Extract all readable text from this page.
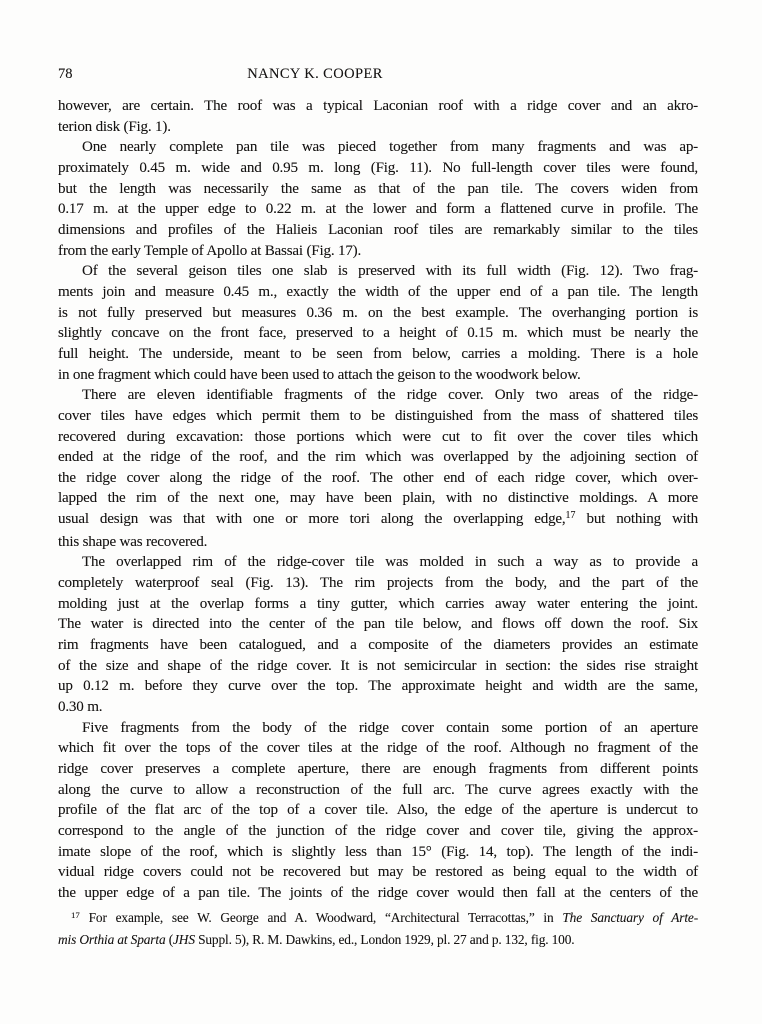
78	NANCY K. COOPER
however, are certain. The roof was a typical Laconian roof with a ridge cover and an akro-
terion disk (Fig. 1).
One nearly complete pan tile was pieced together from many fragments and was ap-
proximately 0.45 m. wide and 0.95 m. long (Fig. 11). No full-length cover tiles were found,
but the length was necessarily the same as that of the pan tile. The covers widen from
0.17 m. at the upper edge to 0.22 m. at the lower and form a flattened curve in profile. The
dimensions and profiles of the Halieis Laconian roof tiles are remarkably similar to the tiles
from the early Temple of Apollo at Bassai (Fig. 17).
Of the several geison tiles one slab is preserved with its full width (Fig. 12). Two frag-
ments join and measure 0.45 m., exactly the width of the upper end of a pan tile. The length
is not fully preserved but measures 0.36 m. on the best example. The overhanging portion is
slightly concave on the front face, preserved to a height of 0.15 m. which must be nearly the
full height. The underside, meant to be seen from below, carries a molding. There is a hole
in one fragment which could have been used to attach the geison to the woodwork below.
There are eleven identifiable fragments of the ridge cover. Only two areas of the ridge-
cover tiles have edges which permit them to be distinguished from the mass of shattered tiles
recovered during excavation: those portions which were cut to fit over the cover tiles which
ended at the ridge of the roof, and the rim which was overlapped by the adjoining section of
the ridge cover along the ridge of the roof. The other end of each ridge cover, which over-
lapped the rim of the next one, may have been plain, with no distinctive moldings. A more
usual design was that with one or more tori along the overlapping edge,$^{17}$ but nothing with
this shape was recovered.
The overlapped rim of the ridge-cover tile was molded in such a way as to provide a
completely waterproof seal (Fig. 13). The rim projects from the body, and the part of the
molding just at the overlap forms a tiny gutter, which carries away water entering the joint.
The water is directed into the center of the pan tile below, and flows off down the roof. Six
rim fragments have been catalogued, and a composite of the diameters provides an estimate
of the size and shape of the ridge cover. It is not semicircular in section: the sides rise straight
up 0.12 m. before they curve over the top. The approximate height and width are the same,
0.30 m.
Five fragments from the body of the ridge cover contain some portion of an aperture
which fit over the tops of the cover tiles at the ridge of the roof. Although no fragment of the
ridge cover preserves a complete aperture, there are enough fragments from different points
along the curve to allow a reconstruction of the full arc. The curve agrees exactly with the
profile of the flat arc of the top of a cover tile. Also, the edge of the aperture is undercut to
correspond to the angle of the junction of the ridge cover and cover tile, giving the approx-
imate slope of the roof, which is slightly less than 15° (Fig. 14, top). The length of the indi-
vidual ridge covers could not be recovered but may be restored as being equal to the width of
the upper edge of a pan tile. The joints of the ridge cover would then fall at the centers of the
$^{17}$ For example, see W. George and A. Woodward, “Architectural Terracottas,” in The Sanctuary of Arte-
mis Orthia at Sparta (JHS Suppl. 5), R. M. Dawkins, ed., London 1929, pl. 27 and p. 132, fig. 100.
